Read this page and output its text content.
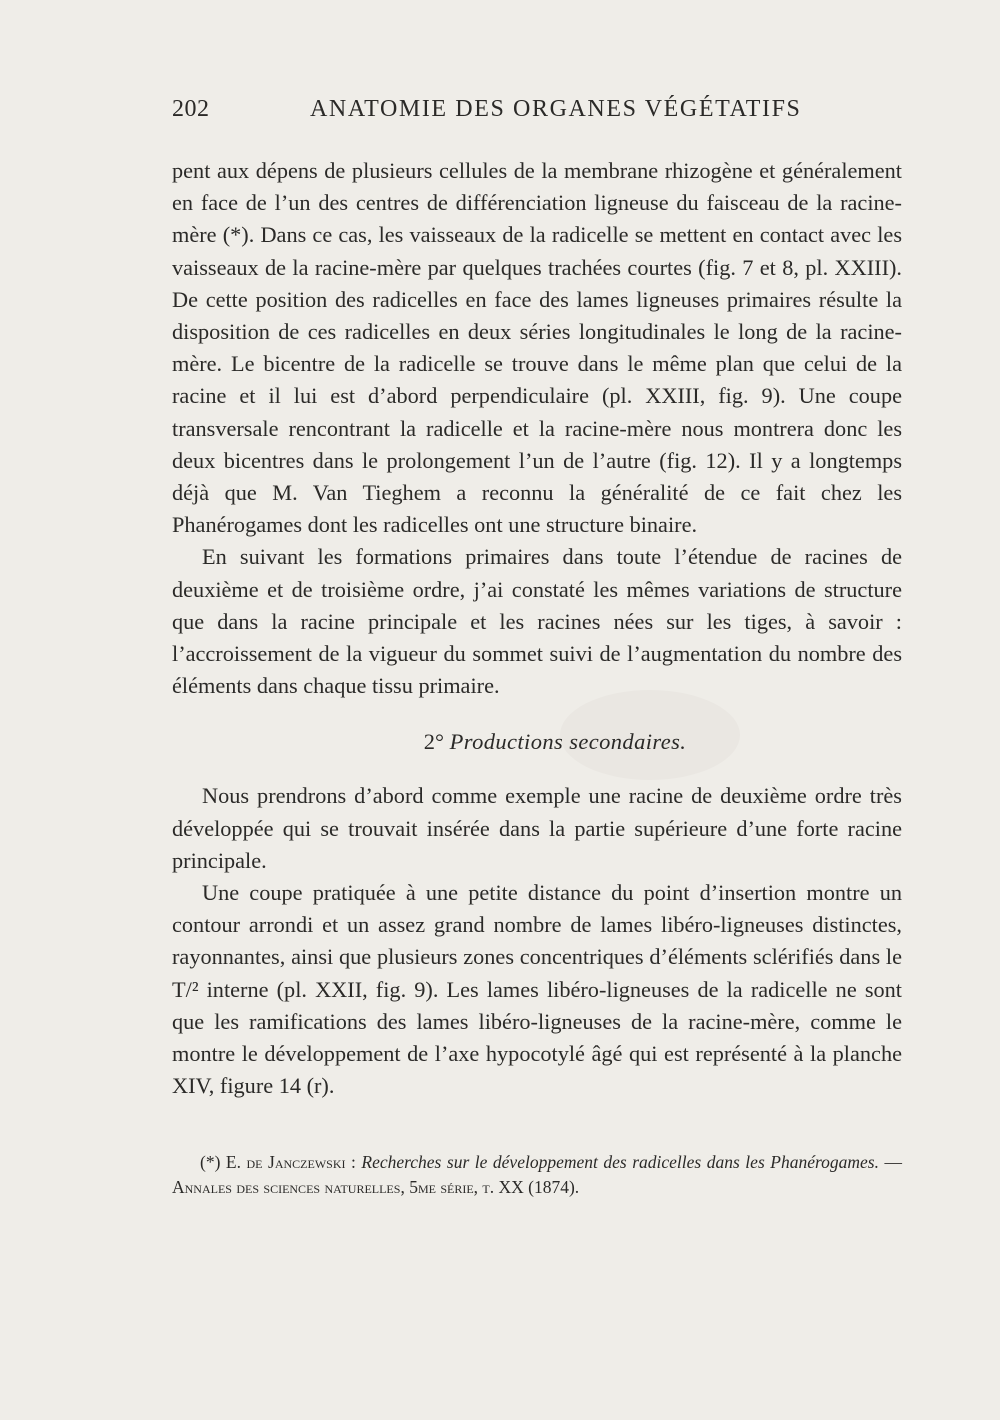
202	ANATOMIE DES ORGANES VÉGÉTATIFS

pent aux dépens de plusieurs cellules de la membrane rhizogène et généralement en face de l’un des centres de différenciation ligneuse du faisceau de la racine-mère (*). Dans ce cas, les vaisseaux de la radicelle se mettent en contact avec les vaisseaux de la racine-mère par quelques trachées courtes (fig. 7 et 8, pl. XXIII). De cette position des radicelles en face des lames ligneuses primaires résulte la disposition de ces radicelles en deux séries longitudinales le long de la racine-mère. Le bicentre de la radicelle se trouve dans le même plan que celui de la racine et il lui est d’abord perpendiculaire (pl. XXIII, fig. 9). Une coupe transversale rencontrant la radicelle et la racine-mère nous montrera donc les deux bicentres dans le prolongement l’un de l’autre (fig. 12). Il y a longtemps déjà que M. Van Tieghem a reconnu la généralité de ce fait chez les Phanérogames dont les radicelles ont une structure binaire.

En suivant les formations primaires dans toute l’étendue de racines de deuxième et de troisième ordre, j’ai constaté les mêmes variations de structure que dans la racine principale et les racines nées sur les tiges, à savoir : l’accroissement de la vigueur du sommet suivi de l’augmentation du nombre des éléments dans chaque tissu primaire.

2° Productions secondaires.

Nous prendrons d’abord comme exemple une racine de deuxième ordre très développée qui se trouvait insérée dans la partie supérieure d’une forte racine principale.

Une coupe pratiquée à une petite distance du point d’insertion montre un contour arrondi et un assez grand nombre de lames libéro-ligneuses distinctes, rayonnantes, ainsi que plusieurs zones concentriques d’éléments sclérifiés dans le T/² interne (pl. XXII, fig. 9). Les lames libéro-ligneuses de la radicelle ne sont que les ramifications des lames libéro-ligneuses de la racine-mère, comme le montre le développement de l’axe hypocotylé âgé qui est représenté à la planche XIV, figure 14 (r).

(*) E. de Janczewski : Recherches sur le développement des radicelles dans les Phanérogames. — Annales des sciences naturelles, 5me série, t. XX (1874).
